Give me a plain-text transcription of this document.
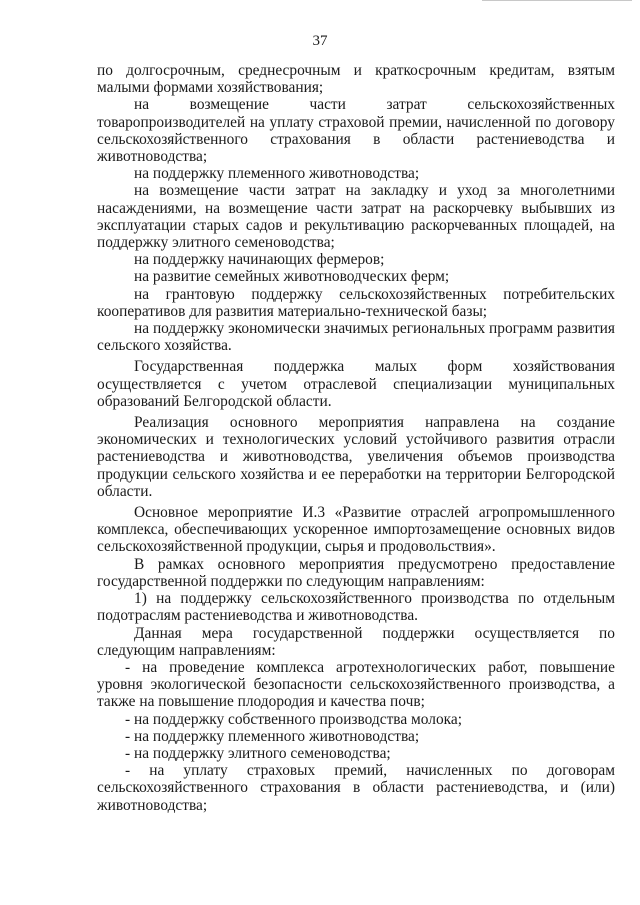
37

по долгосрочным, среднесрочным и краткосрочным кредитам, взятым малыми формами хозяйствования;

на возмещение части затрат сельскохозяйственных товаропроизводителей на уплату страховой премии, начисленной по договору сельскохозяйственного страхования в области растениеводства и животноводства;

на поддержку племенного животноводства;

на возмещение части затрат на закладку и уход за многолетними насаждениями, на возмещение части затрат на раскорчевку выбывших из эксплуатации старых садов и рекультивацию раскорчеванных площадей, на поддержку элитного семеноводства;

на поддержку начинающих фермеров;

на развитие семейных животноводческих ферм;

на грантовую поддержку сельскохозяйственных потребительских кооперативов для развития материально-технической базы;

на поддержку экономически значимых региональных программ развития сельского хозяйства.

Государственная поддержка малых форм хозяйствования осуществляется с учетом отраслевой специализации муниципальных образований Белгородской области.

Реализация основного мероприятия направлена на создание экономических и технологических условий устойчивого развития отрасли растениеводства и животноводства, увеличения объемов производства продукции сельского хозяйства и ее переработки на территории Белгородской области.

Основное мероприятие И.3 «Развитие отраслей агропромышленного комплекса, обеспечивающих ускоренное импортозамещение основных видов сельскохозяйственной продукции, сырья и продовольствия».

В рамках основного мероприятия предусмотрено предоставление государственной поддержки по следующим направлениям:

1) на поддержку сельскохозяйственного производства по отдельным подотраслям растениеводства и животноводства.

Данная мера государственной поддержки осуществляется по следующим направлениям:

- на проведение комплекса агротехнологических работ, повышение уровня экологической безопасности сельскохозяйственного производства, а также на повышение плодородия и качества почв;

- на поддержку собственного производства молока;

- на поддержку племенного животноводства;

- на поддержку элитного семеноводства;

- на уплату страховых премий, начисленных по договорам сельскохозяйственного страхования в области растениеводства, и (или) животноводства;
